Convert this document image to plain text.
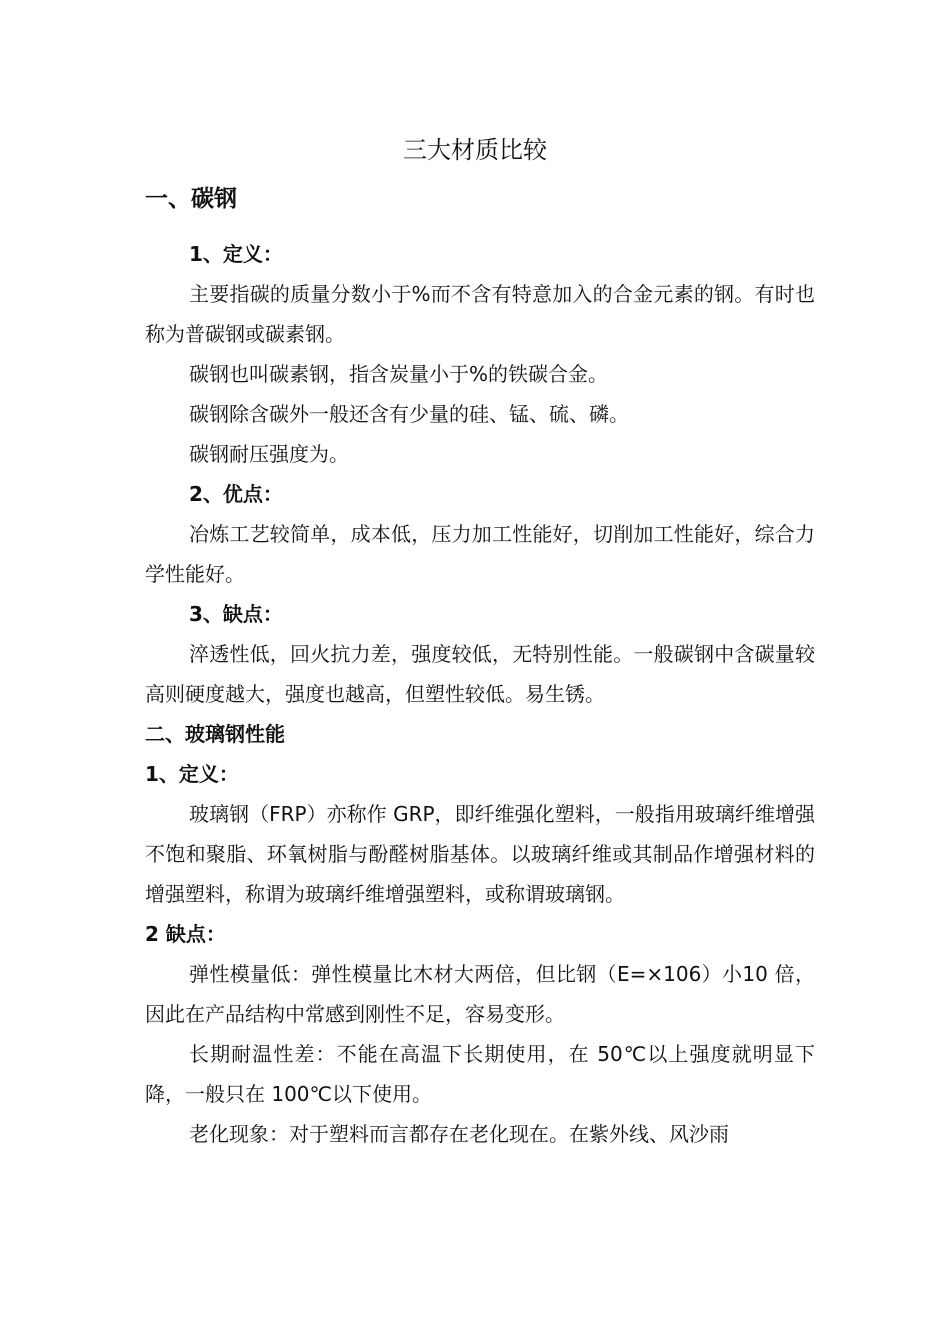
三大材质比较
一、碳钢
1、定义：
主要指碳的质量分数小于%而不含有特意加入的合金元素的钢。有时也称为普碳钢或碳素钢。
碳钢也叫碳素钢，指含炭量小于%的铁碳合金。
碳钢除含碳外一般还含有少量的硅、锰、硫、磷。
碳钢耐压强度为。
2、优点：
冶炼工艺较简单，成本低，压力加工性能好，切削加工性能好，综合力学性能好。
3、缺点：
淬透性低，回火抗力差，强度较低，无特别性能。一般碳钢中含碳量较高则硬度越大，强度也越高，但塑性较低。易生锈。
二、玻璃钢性能
1、定义：
玻璃钢（FRP）亦称作 GRP，即纤维强化塑料，一般指用玻璃纤维增强不饱和聚脂、环氧树脂与酚醛树脂基体。以玻璃纤维或其制品作增强材料的增强塑料，称谓为玻璃纤维增强塑料，或称谓玻璃钢。
2 缺点：
弹性模量低：弹性模量比木材大两倍，但比钢（E=×106）小10 倍，因此在产品结构中常感到刚性不足，容易变形。
长期耐温性差：不能在高温下长期使用，在 50℃以上强度就明显下降，一般只在 100℃以下使用。
老化现象：对于塑料而言都存在老化现在。在紫外线、风沙雨
